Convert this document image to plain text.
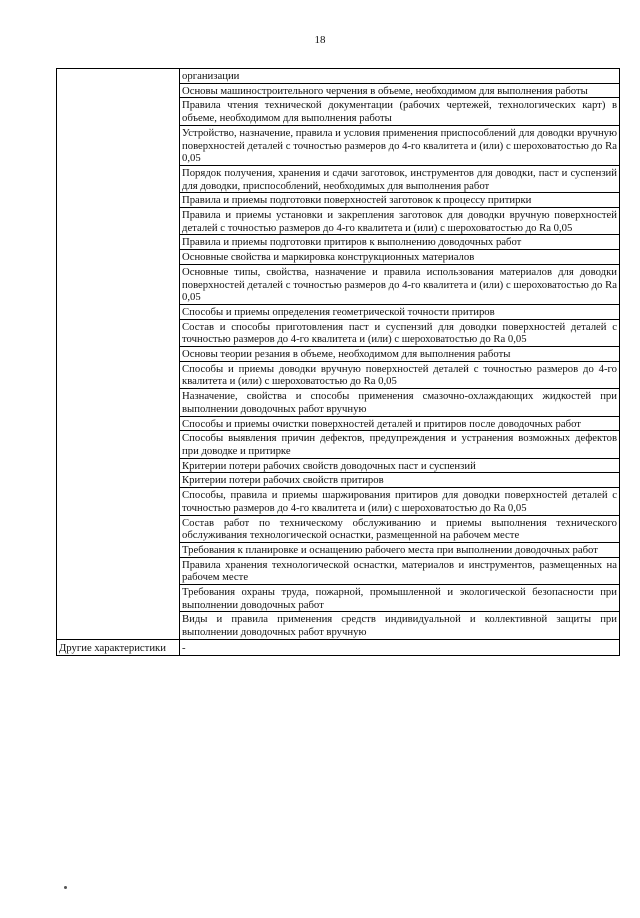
18
	организации
	Основы машиностроительного черчения в объеме, необходимом для выполнения работы
	Правила чтения технической документации (рабочих чертежей, технологических карт) в объеме, необходимом для выполнения работы
	Устройство, назначение, правила и условия применения приспособлений для доводки вручную поверхностей деталей с точностью размеров до 4-го квалитета и (или) с шероховатостью до Ra 0,05
	Порядок получения, хранения и сдачи заготовок, инструментов для доводки, паст и суспензий для доводки, приспособлений, необходимых для выполнения работ
	Правила и приемы подготовки поверхностей заготовок к процессу притирки
	Правила и приемы установки и закрепления заготовок для доводки вручную поверхностей деталей с точностью размеров до 4-го квалитета и (или) с шероховатостью до Ra 0,05
	Правила и приемы подготовки притиров к выполнению доводочных работ
	Основные свойства и маркировка конструкционных материалов
	Основные типы, свойства, назначение и правила использования материалов для доводки поверхностей деталей с точностью размеров до 4-го квалитета и (или) с шероховатостью до Ra 0,05
	Способы и приемы определения геометрической точности притиров
	Состав и способы приготовления паст и суспензий для доводки поверхностей деталей с точностью размеров до 4-го квалитета и (или) с шероховатостью до Ra 0,05
	Основы теории резания в объеме, необходимом для выполнения работы
	Способы и приемы доводки вручную поверхностей деталей с точностью размеров до 4-го квалитета и (или) с шероховатостью до Ra 0,05
	Назначение, свойства и способы применения смазочно-охлаждающих жидкостей при выполнении доводочных работ вручную
	Способы и приемы очистки поверхностей деталей и притиров после доводочных работ
	Способы выявления причин дефектов, предупреждения и устранения возможных дефектов при доводке и притирке
	Критерии потери рабочих свойств доводочных паст и суспензий
	Критерии потери рабочих свойств притиров
	Способы, правила и приемы шаржирования притиров для доводки поверхностей деталей с точностью размеров до 4-го квалитета и (или) с шероховатостью до Ra 0,05
	Состав работ по техническому обслуживанию и приемы выполнения технического обслуживания технологической оснастки, размещенной на рабочем месте
	Требования к планировке и оснащению рабочего места при выполнении доводочных работ
	Правила хранения технологической оснастки, материалов и инструментов, размещенных на рабочем месте
	Требования охраны труда, пожарной, промышленной и экологической безопасности при выполнении доводочных работ
	Виды и правила применения средств индивидуальной и коллективной защиты при выполнении доводочных работ вручную
Другие характеристики	-
